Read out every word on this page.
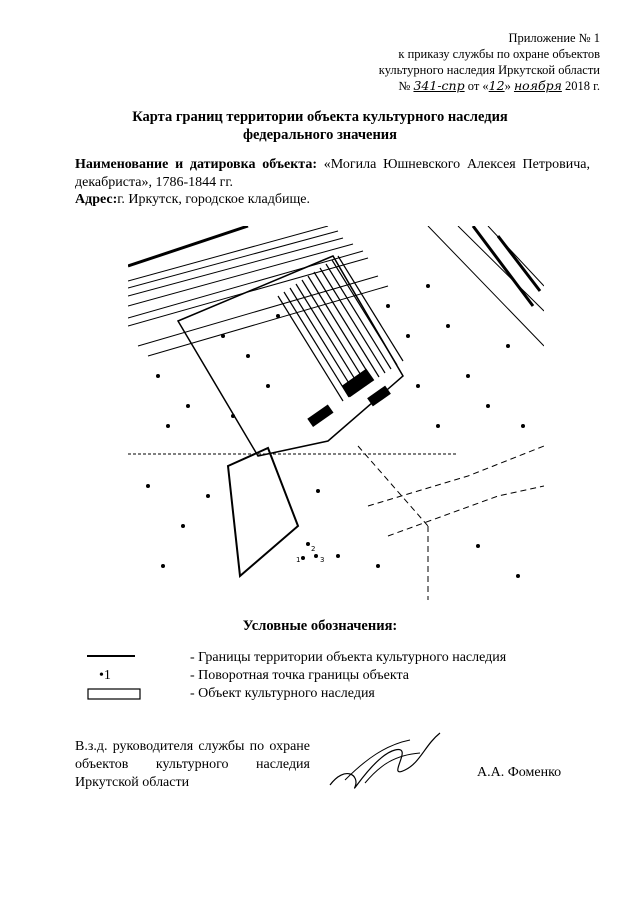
Приложение № 1
к приказу службы по охране объектов
культурного наследия Иркутской области
№ 341-спр от «12» ноября 2018 г.
Карта границ территории объекта культурного наследия
федерального значения
Наименование и датировка объекта: «Могила Юшневского Алексея Петровича, декабриста», 1786-1844 гг.
Адрес:г. Иркутск, городское кладбище.
2
3
1
Условные обозначения:
- Границы территории объекта культурного наследия
•1	- Поворотная точка границы объекта
- Объект культурного наследия
В.з.д. руководителя службы по охране объектов культурного наследия Иркутской области
А.А. Фоменко
